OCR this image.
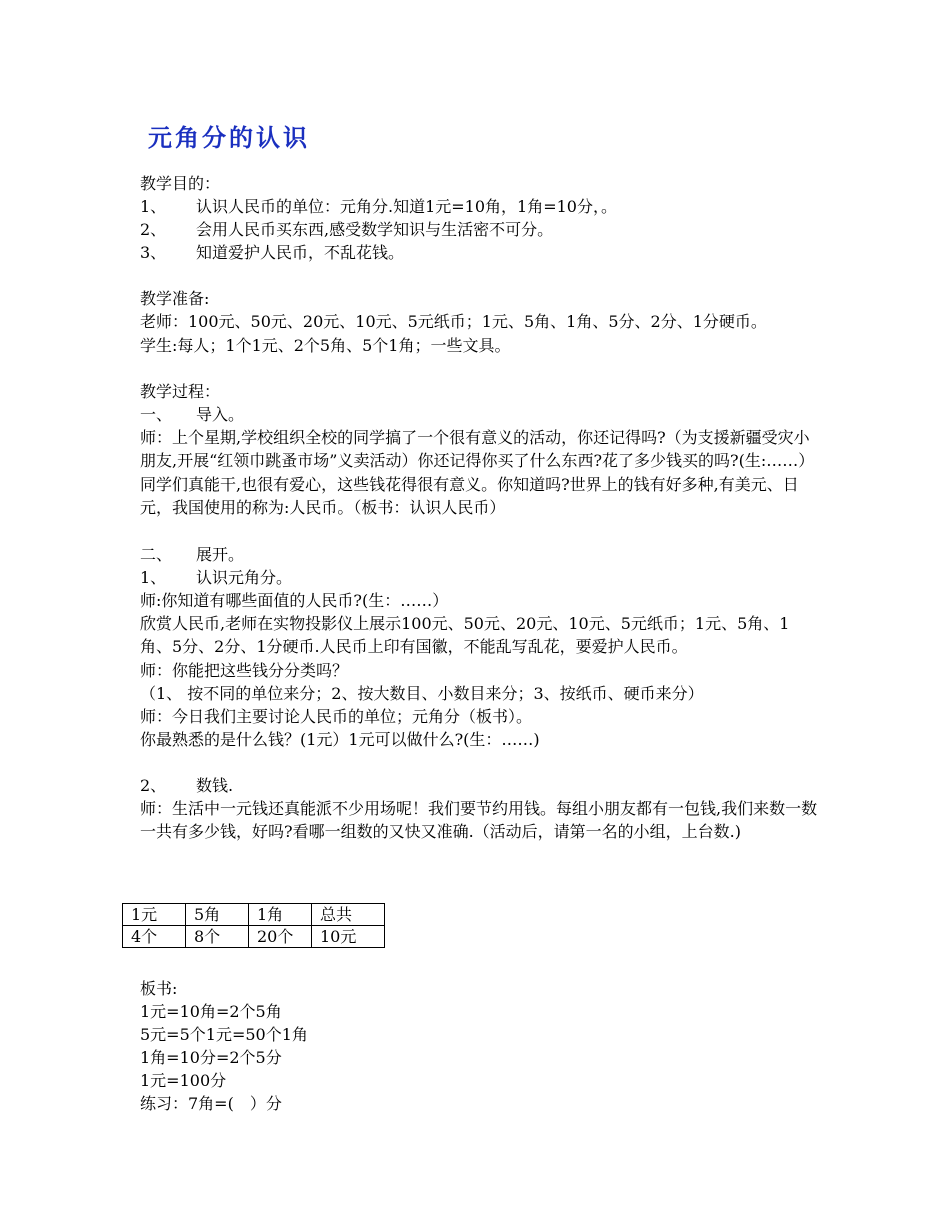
元角分的认识

教学目的：

1、 认识人民币的单位：元角分.知道1元=10角，1角=10分，。

2、 会用人民币买东西,感受数学知识与生活密不可分。

3、 知道爱护人民币，不乱花钱。

教学准备:

老师：100元、50元、20元、10元、5元纸币；1元、5角、1角、5分、2分、1分硬币。

学生:每人；1个1元、2个5角、5个1角；一些文具。

教学过程：

一、 导入。

师：上个星期,学校组织全校的同学搞了一个很有意义的活动，你还记得吗?（为支援新疆受灾小朋友,开展“红领巾跳蚤市场”义卖活动）你还记得你买了什么东西?花了多少钱买的吗?(生:……）同学们真能干,也很有爱心，这些钱花得很有意义。你知道吗?世界上的钱有好多种,有美元、日元，我国使用的称为:人民币。（板书：认识人民币）

二、 展开。

1、 认识元角分。

师:你知道有哪些面值的人民币?(生：……）

欣赏人民币,老师在实物投影仪上展示100元、50元、20元、10元、5元纸币；1元、5角、1角、5分、2分、1分硬币.人民币上印有国徽，不能乱写乱花，要爱护人民币。

师：你能把这些钱分分类吗？

（1、 按不同的单位来分；2、按大数目、小数目来分；3、按纸币、硬币来分）

师：今日我们主要讨论人民币的单位；元角分（板书）。

你最熟悉的是什么钱？(1元）1元可以做什么?(生：……)

2、 数钱.

师：生活中一元钱还真能派不少用场呢！我们要节约用钱。每组小朋友都有一包钱,我们来数一数一共有多少钱，好吗?看哪一组数的又快又准确.（活动后，请第一名的小组，上台数.)

1元	5角	1角	总共
4个	8个	20个	10元

板书:

1元=10角=2个5角

5元=5个1元=50个1角

1角=10分=2个5分

1元=100分

练习：7角=(　）分
